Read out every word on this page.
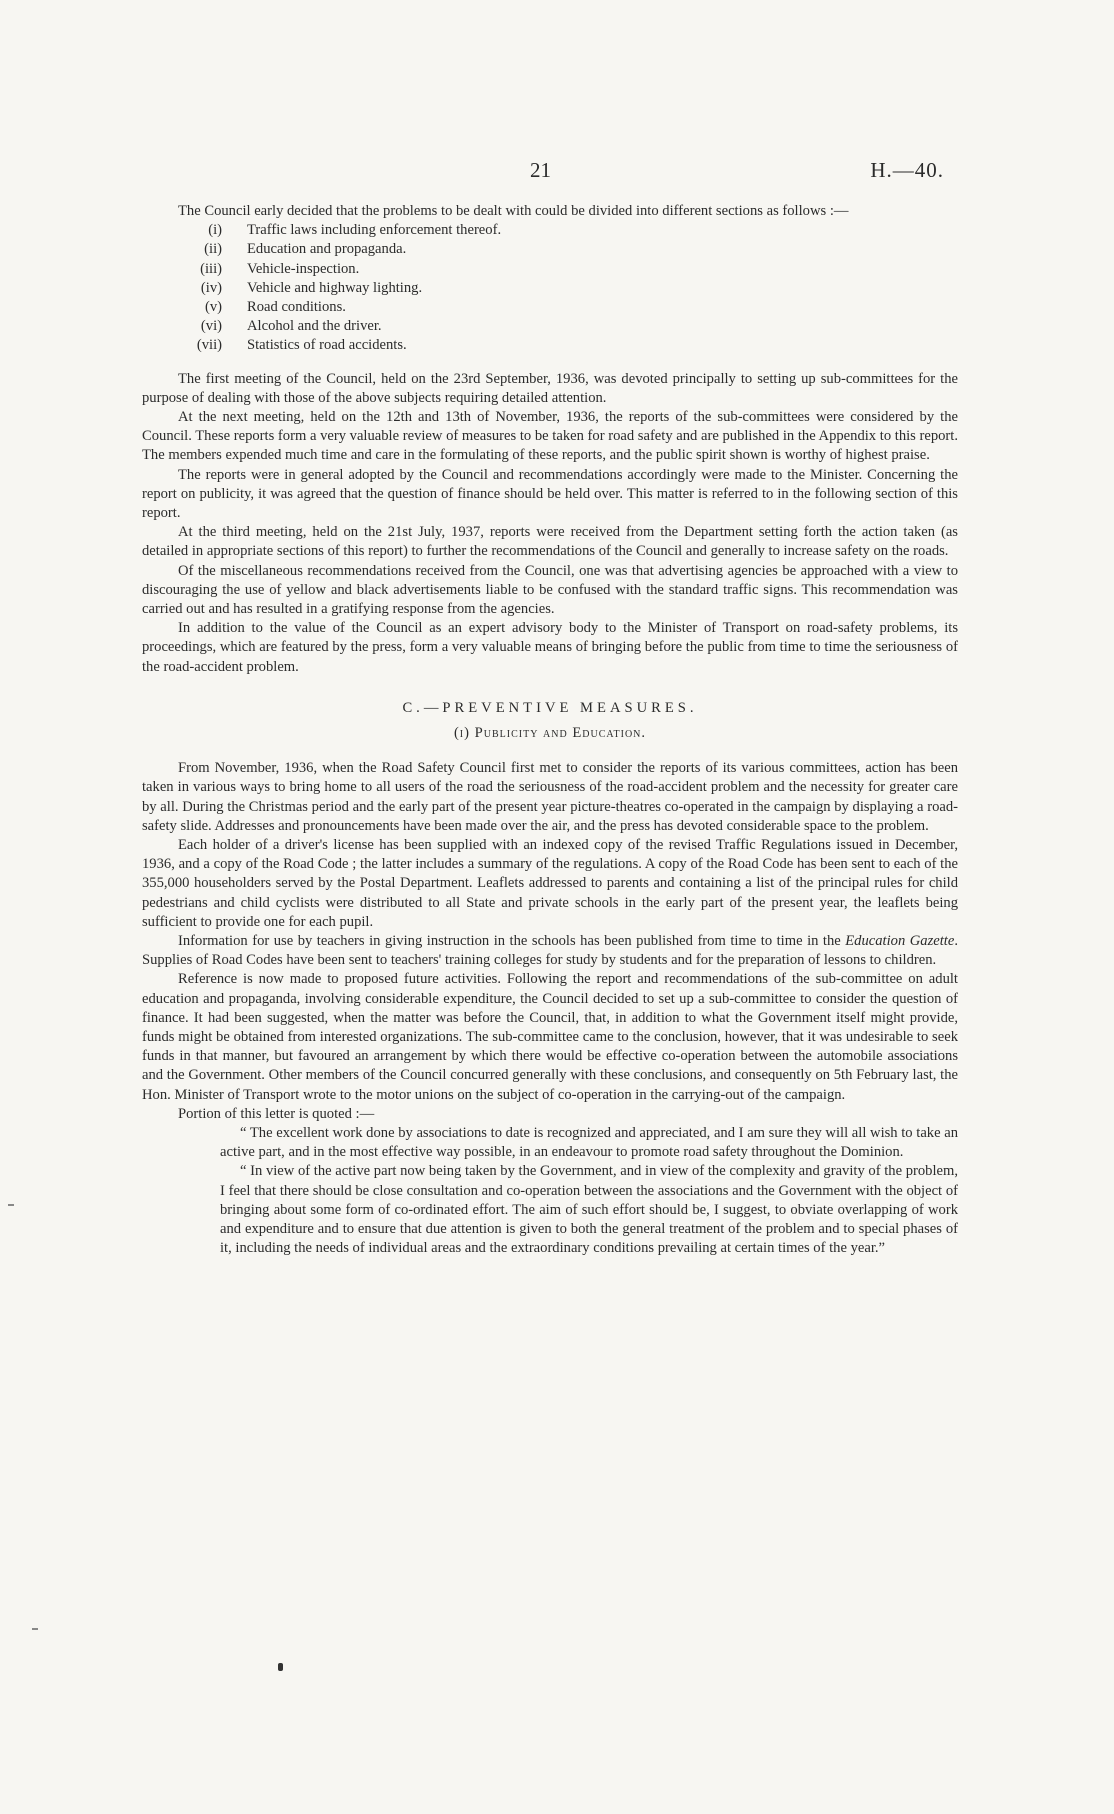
21	H.—40.

The Council early decided that the problems to be dealt with could be divided into different sections as follows :—

(i) Traffic laws including enforcement thereof.
(ii) Education and propaganda.
(iii) Vehicle-inspection.
(iv) Vehicle and highway lighting.
(v) Road conditions.
(vi) Alcohol and the driver.
(vii) Statistics of road accidents.

The first meeting of the Council, held on the 23rd September, 1936, was devoted principally to setting up sub-committees for the purpose of dealing with those of the above subjects requiring detailed attention.

At the next meeting, held on the 12th and 13th of November, 1936, the reports of the sub-committees were considered by the Council. These reports form a very valuable review of measures to be taken for road safety and are published in the Appendix to this report. The members expended much time and care in the formulating of these reports, and the public spirit shown is worthy of highest praise.

The reports were in general adopted by the Council and recommendations accordingly were made to the Minister. Concerning the report on publicity, it was agreed that the question of finance should be held over. This matter is referred to in the following section of this report.

At the third meeting, held on the 21st July, 1937, reports were received from the Department setting forth the action taken (as detailed in appropriate sections of this report) to further the recommendations of the Council and generally to increase safety on the roads.

Of the miscellaneous recommendations received from the Council, one was that advertising agencies be approached with a view to discouraging the use of yellow and black advertisements liable to be confused with the standard traffic signs. This recommendation was carried out and has resulted in a gratifying response from the agencies.

In addition to the value of the Council as an expert advisory body to the Minister of Transport on road-safety problems, its proceedings, which are featured by the press, form a very valuable means of bringing before the public from time to time the seriousness of the road-accident problem.

C.—PREVENTIVE MEASURES.
(i) Publicity and Education.

From November, 1936, when the Road Safety Council first met to consider the reports of its various committees, action has been taken in various ways to bring home to all users of the road the seriousness of the road-accident problem and the necessity for greater care by all. During the Christmas period and the early part of the present year picture-theatres co-operated in the campaign by displaying a road-safety slide. Addresses and pronouncements have been made over the air, and the press has devoted considerable space to the problem.

Each holder of a driver's license has been supplied with an indexed copy of the revised Traffic Regulations issued in December, 1936, and a copy of the Road Code ; the latter includes a summary of the regulations. A copy of the Road Code has been sent to each of the 355,000 householders served by the Postal Department. Leaflets addressed to parents and containing a list of the principal rules for child pedestrians and child cyclists were distributed to all State and private schools in the early part of the present year, the leaflets being sufficient to provide one for each pupil.

Information for use by teachers in giving instruction in the schools has been published from time to time in the Education Gazette. Supplies of Road Codes have been sent to teachers' training colleges for study by students and for the preparation of lessons to children.

Reference is now made to proposed future activities. Following the report and recommendations of the sub-committee on adult education and propaganda, involving considerable expenditure, the Council decided to set up a sub-committee to consider the question of finance. It had been suggested, when the matter was before the Council, that, in addition to what the Government itself might provide, funds might be obtained from interested organizations. The sub-committee came to the conclusion, however, that it was undesirable to seek funds in that manner, but favoured an arrangement by which there would be effective co-operation between the automobile associations and the Government. Other members of the Council concurred generally with these conclusions, and consequently on 5th February last, the Hon. Minister of Transport wrote to the motor unions on the subject of co-operation in the carrying-out of the campaign.

Portion of this letter is quoted :—

“ The excellent work done by associations to date is recognized and appreciated, and I am sure they will all wish to take an active part, and in the most effective way possible, in an endeavour to promote road safety throughout the Dominion.

“ In view of the active part now being taken by the Government, and in view of the complexity and gravity of the problem, I feel that there should be close consultation and co-operation between the associations and the Government with the object of bringing about some form of co-ordinated effort. The aim of such effort should be, I suggest, to obviate overlapping of work and expenditure and to ensure that due attention is given to both the general treatment of the problem and to special phases of it, including the needs of individual areas and the extraordinary conditions prevailing at certain times of the year.”
